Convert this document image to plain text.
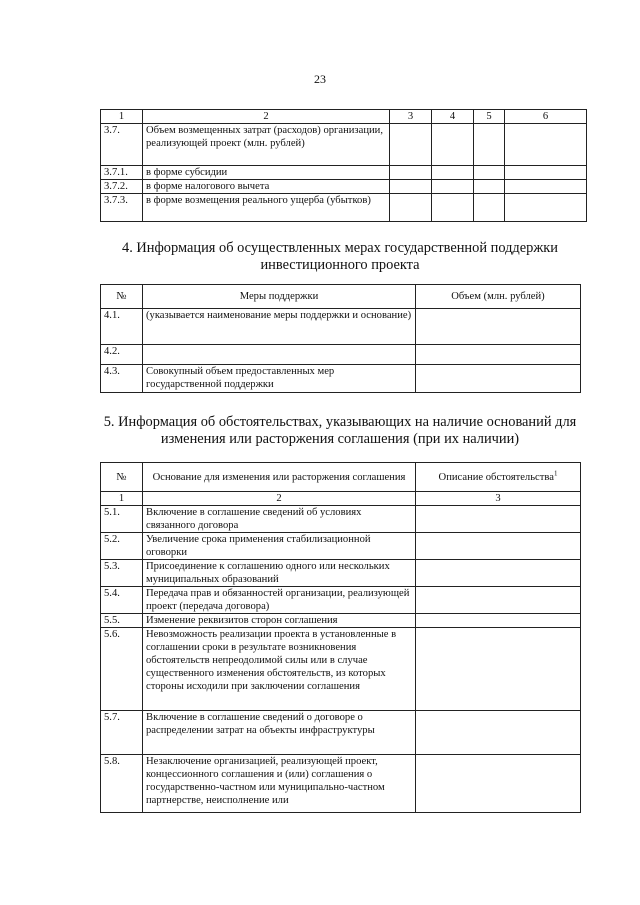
23
1	2	3	4	5	6
3.7.	Объем возмещенных затрат (расходов) организации, реализующей проект (млн. рублей)				
3.7.1.	в форме субсидии				
3.7.2.	в форме налогового вычета				
3.7.3.	в форме возмещения реального ущерба (убытков)				
4. Информация об осуществленных мерах государственной поддержки
инвестиционного проекта
№	Меры поддержки	Объем (млн. рублей)
4.1.	(указывается наименование меры поддержки и основание)	
4.2.		
4.3.	Совокупный объем предоставленных мер государственной поддержки	
5. Информация об обстоятельствах, указывающих на наличие оснований для
изменения или расторжения соглашения (при их наличии)
№	Основание для изменения или расторжения соглашения	Описание обстоятельства$^1$
1	2	3
5.1.	Включение в соглашение сведений об условиях связанного договора	
5.2.	Увеличение срока применения стабилизационной оговорки	
5.3.	Присоединение к соглашению одного или нескольких муниципальных образований	
5.4.	Передача прав и обязанностей организации, реализующей проект (передача договора)	
5.5.	Изменение реквизитов сторон соглашения	
5.6.	Невозможность реализации проекта в установленные в соглашении сроки в результате возникновения обстоятельств непреодолимой силы или в случае существенного изменения обстоятельств, из которых стороны исходили при заключении соглашения	
5.7.	Включение в соглашение сведений о договоре о распределении затрат на объекты инфраструктуры	
5.8.	Незаключение организацией, реализующей проект, концессионного соглашения и (или) соглашения о государственно-частном или муниципально-частном партнерстве, неисполнение или	
